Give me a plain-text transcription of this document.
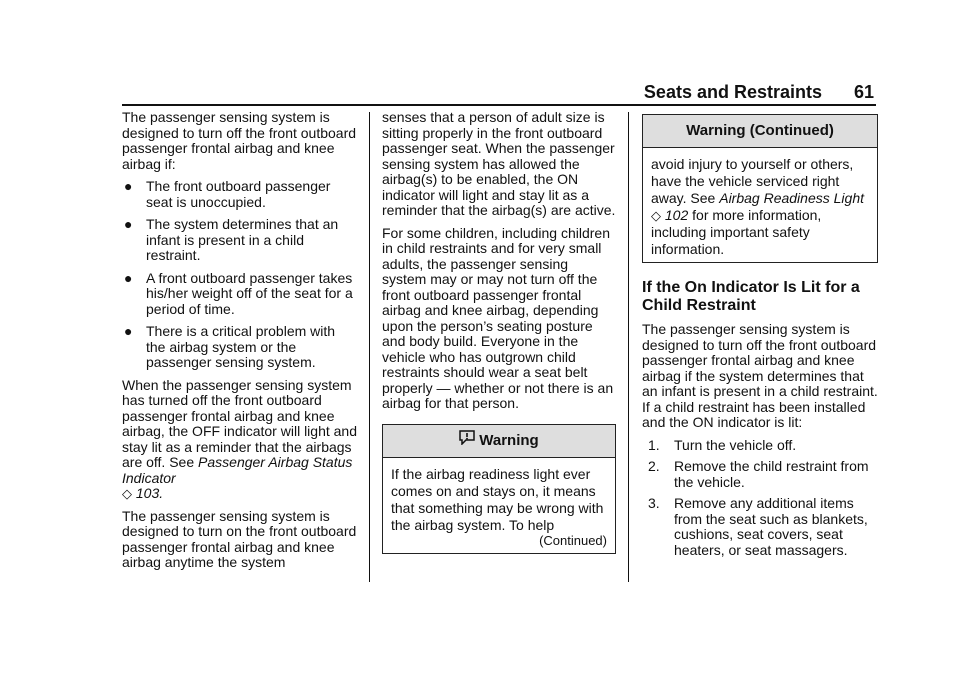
Seats and Restraints 61

The passenger sensing system is designed to turn off the front outboard passenger frontal airbag and knee airbag if:

● The front outboard passenger seat is unoccupied.
● The system determines that an infant is present in a child restraint.
● A front outboard passenger takes his/her weight off of the seat for a period of time.
● There is a critical problem with the airbag system or the passenger sensing system.

When the passenger sensing system has turned off the front outboard passenger frontal airbag and knee airbag, the OFF indicator will light and stay lit as a reminder that the airbags are off. See Passenger Airbag Status Indicator
◇ 103.

The passenger sensing system is designed to turn on the front outboard passenger frontal airbag and knee airbag anytime the system

senses that a person of adult size is sitting properly in the front outboard passenger seat. When the passenger sensing system has allowed the airbag(s) to be enabled, the ON indicator will light and stay lit as a reminder that the airbag(s) are active.

For some children, including children in child restraints and for very small adults, the passenger sensing system may or may not turn off the front outboard passenger frontal airbag and knee airbag, depending upon the person’s seating posture and body build. Everyone in the vehicle who has outgrown child restraints should wear a seat belt properly — whether or not there is an airbag for that person.

Warning
If the airbag readiness light ever comes on and stays on, it means that something may be wrong with the airbag system. To help
(Continued)
Warning (Continued)
avoid injury to yourself or others, have the vehicle serviced right away. See Airbag Readiness Light ◇ 102 for more information, including important safety information.
If the On Indicator Is Lit for a Child Restraint

The passenger sensing system is designed to turn off the front outboard passenger frontal airbag and knee airbag if the system determines that an infant is present in a child restraint. If a child restraint has been installed and the ON indicator is lit:

1. Turn the vehicle off.
2. Remove the child restraint from the vehicle.
3. Remove any additional items from the seat such as blankets, cushions, seat covers, seat heaters, or seat massagers.
